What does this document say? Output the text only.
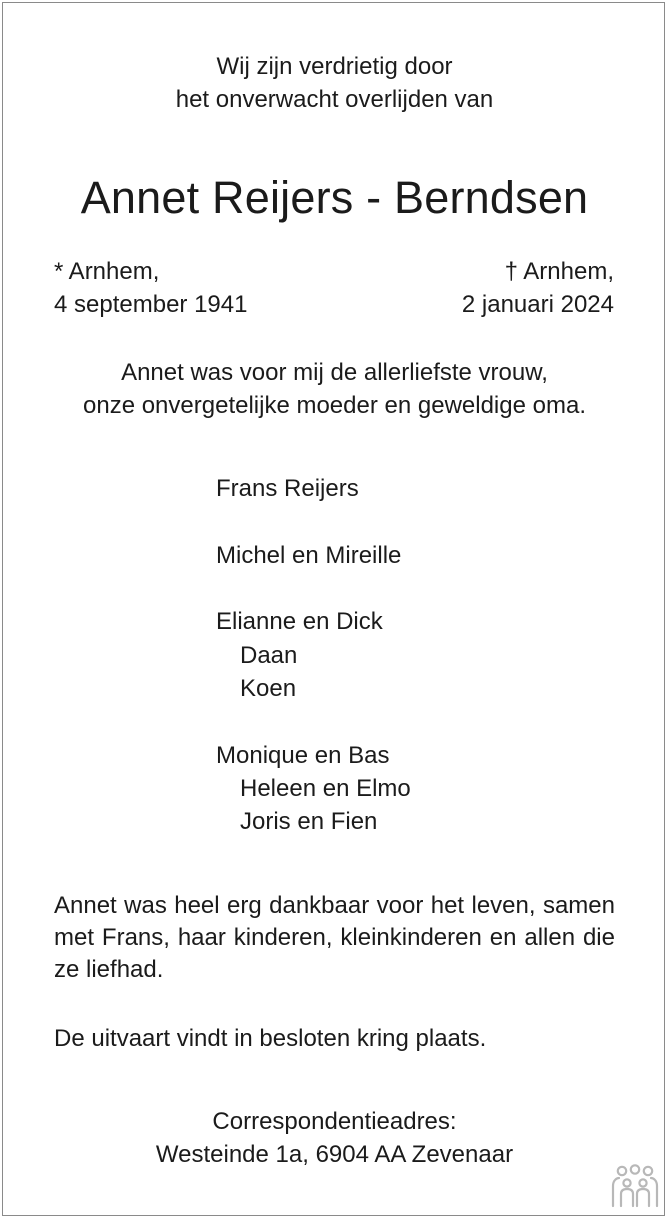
Wij zijn verdrietig door
het onverwacht overlijden van
Annet Reijers - Berndsen
* Arnhem,
4 september 1941
† Arnhem,
2 januari 2024
Annet was voor mij de allerliefste vrouw,
onze onvergetelijke moeder en geweldige oma.
Frans Reijers
Michel en Mireille
Elianne en Dick
Daan
Koen
Monique en Bas
Heleen en Elmo
Joris en Fien
Annet was heel erg dankbaar voor het leven, samen met Frans, haar kinderen, kleinkinderen en allen die ze liefhad.
De uitvaart vindt in besloten kring plaats.
Correspondentieadres:
Westeinde 1a, 6904 AA Zevenaar
